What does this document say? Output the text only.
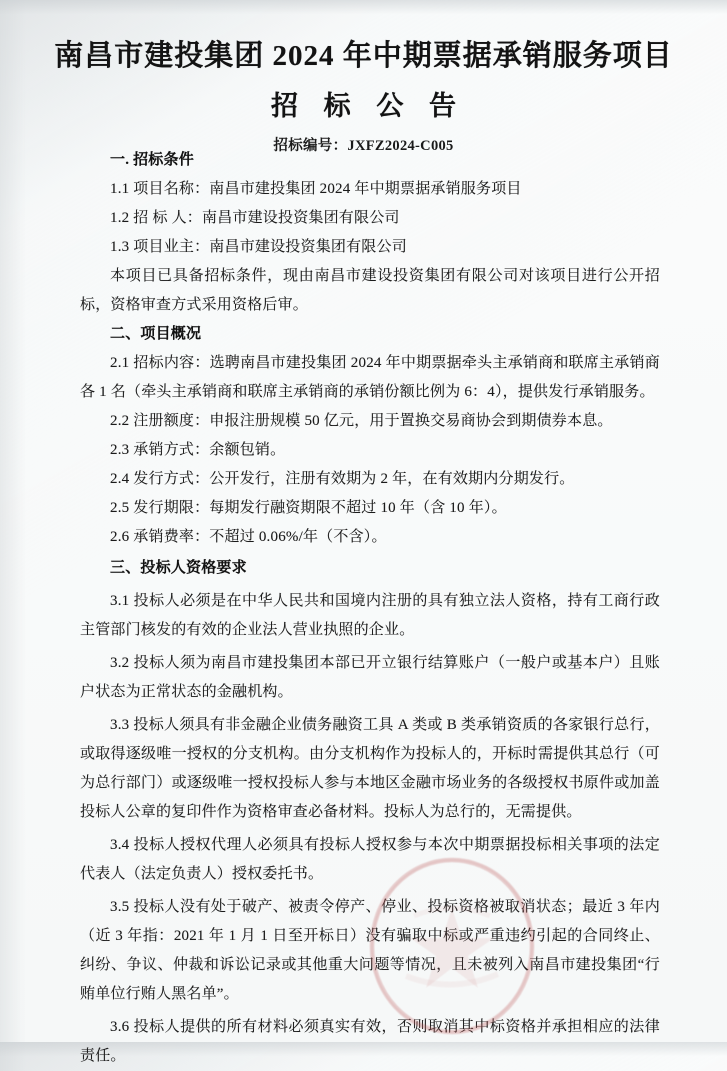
南昌市建投集团 2024 年中期票据承销服务项目
招标公告
招标编号：JXFZ2024-C005

一. 招标条件

1.1 项目名称：南昌市建投集团 2024 年中期票据承销服务项目

1.2 招 标 人：南昌市建设投资集团有限公司

1.3 项目业主：南昌市建设投资集团有限公司

本项目已具备招标条件，现由南昌市建设投资集团有限公司对该项目进行公开招标，资格审查方式采用资格后审。

二、项目概况

2.1 招标内容：选聘南昌市建投集团 2024 年中期票据牵头主承销商和联席主承销商各 1 名（牵头主承销商和联席主承销商的承销份额比例为 6：4），提供发行承销服务。

2.2 注册额度：申报注册规模 50 亿元，用于置换交易商协会到期债券本息。

2.3 承销方式：余额包销。

2.4 发行方式：公开发行，注册有效期为 2 年，在有效期内分期发行。

2.5 发行期限：每期发行融资期限不超过 10 年（含 10 年）。

2.6 承销费率：不超过 0.06%/年（不含）。

三、投标人资格要求

3.1 投标人必须是在中华人民共和国境内注册的具有独立法人资格，持有工商行政主管部门核发的有效的企业法人营业执照的企业。

3.2 投标人须为南昌市建投集团本部已开立银行结算账户（一般户或基本户）且账户状态为正常状态的金融机构。

3.3 投标人须具有非金融企业债务融资工具 A 类或 B 类承销资质的各家银行总行，或取得逐级唯一授权的分支机构。由分支机构作为投标人的，开标时需提供其总行（可为总行部门）或逐级唯一授权投标人参与本地区金融市场业务的各级授权书原件或加盖投标人公章的复印件作为资格审查必备材料。投标人为总行的，无需提供。

3.4 投标人授权代理人必须具有投标人授权参与本次中期票据投标相关事项的法定代表人（法定负责人）授权委托书。

3.5 投标人没有处于破产、被责令停产、停业、投标资格被取消状态；最近 3 年内（近 3 年指：2021 年 1 月 1 日至开标日）没有骗取中标或严重违约引起的合同终止、纠纷、争议、仲裁和诉讼记录或其他重大问题等情况，且未被列入南昌市建投集团“行贿单位行贿人黑名单”。

3.6 投标人提供的所有材料必须真实有效，否则取消其中标资格并承担相应的法律责任。
